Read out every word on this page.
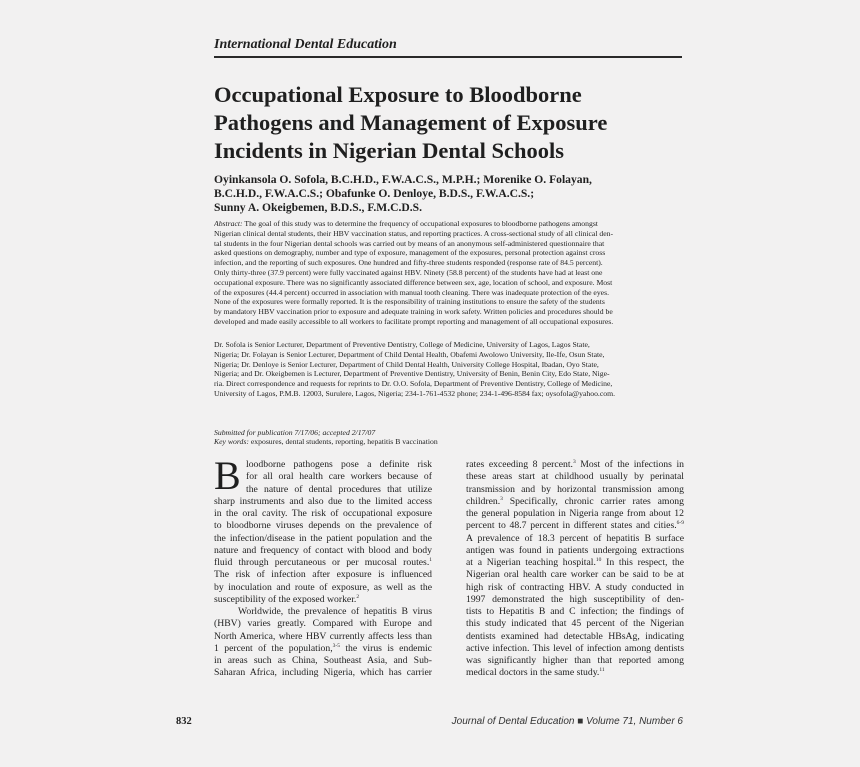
International Dental Education
Occupational Exposure to Bloodborne
Pathogens and Management of Exposure
Incidents in Nigerian Dental Schools
Oyinkansola O. Sofola, B.C.H.D., F.W.A.C.S., M.P.H.; Morenike O. Folayan,
B.C.H.D., F.W.A.C.S.; Obafunke O. Denloye, B.D.S., F.W.A.C.S.;
Sunny A. Okeigbemen, B.D.S., F.M.C.D.S.
Abstract: The goal of this study was to determine the frequency of occupational exposures to bloodborne pathogens amongst
Nigerian clinical dental students, their HBV vaccination status, and reporting practices. A cross-sectional study of all clinical den-
tal students in the four Nigerian dental schools was carried out by means of an anonymous self-administered questionnaire that
asked questions on demography, number and type of exposure, management of the exposures, personal protection against cross
infection, and the reporting of such exposures. One hundred and fifty-three students responded (response rate of 84.5 percent).
Only thirty-three (37.9 percent) were fully vaccinated against HBV. Ninety (58.8 percent) of the students have had at least one
occupational exposure. There was no significantly associated difference between sex, age, location of school, and exposure. Most
of the exposures (44.4 percent) occurred in association with manual tooth cleaning. There was inadequate protection of the eyes.
None of the exposures were formally reported. It is the responsibility of training institutions to ensure the safety of the students
by mandatory HBV vaccination prior to exposure and adequate training in work safety. Written policies and procedures should be
developed and made easily accessible to all workers to facilitate prompt reporting and management of all occupational exposures.
Dr. Sofola is Senior Lecturer, Department of Preventive Dentistry, College of Medicine, University of Lagos, Lagos State,
Nigeria; Dr. Folayan is Senior Lecturer, Department of Child Dental Health, Obafemi Awolowo University, Ile-Ife, Osun State,
Nigeria; Dr. Denloye is Senior Lecturer, Department of Child Dental Health, University College Hospital, Ibadan, Oyo State,
Nigeria; and Dr. Okeigbemen is Lecturer, Department of Preventive Dentistry, University of Benin, Benin City, Edo State, Nige-
ria. Direct correspondence and requests for reprints to Dr. O.O. Sofola, Department of Preventive Dentistry, College of Medicine,
University of Lagos, P.M.B. 12003, Surulere, Lagos, Nigeria; 234-1-761-4532 phone; 234-1-496-8584 fax; oysofola@yahoo.com.
Submitted for publication 7/17/06; accepted 2/17/07
Key words: exposures, dental students, reporting, hepatitis B vaccination
B loodborne pathogens pose a definite risk
for all oral health care workers because of
the nature of dental procedures that utilize
sharp instruments and also due to the limited access
in the oral cavity. The risk of occupational exposure
to bloodborne viruses depends on the prevalence of
the infection/disease in the patient population and the
nature and frequency of contact with blood and body
fluid through percutaneous or per mucosal routes.$^1$
The risk of infection after exposure is influenced
by inoculation and route of exposure, as well as the
susceptibility of the exposed worker.$^2$
Worldwide, the prevalence of hepatitis B virus
(HBV) varies greatly. Compared with Europe and
North America, where HBV currently affects less than
1 percent of the population,$^{3-5}$ the virus is endemic
in areas such as China, Southeast Asia, and Sub-
Saharan Africa, including Nigeria, which has carrier
rates exceeding 8 percent.$^3$ Most of the infections in
these areas start at childhood usually by perinatal
transmission and by horizontal transmission among
children.$^3$ Specifically, chronic carrier rates among
the general population in Nigeria range from about 12
percent to 48.7 percent in different states and cities.$^{6-9}$
A prevalence of 18.3 percent of hepatitis B surface
antigen was found in patients undergoing extractions
at a Nigerian teaching hospital.$^{10}$ In this respect, the
Nigerian oral health care worker can be said to be at
high risk of contracting HBV. A study conducted in
1997 demonstrated the high susceptibility of den-
tists to Hepatitis B and C infection; the findings of
this study indicated that 45 percent of the Nigerian
dentists examined had detectable HBsAg, indicating
active infection. This level of infection among dentists
was significantly higher than that reported among
medical doctors in the same study.$^{11}$
832	Journal of Dental Education ■ Volume 71, Number 6
